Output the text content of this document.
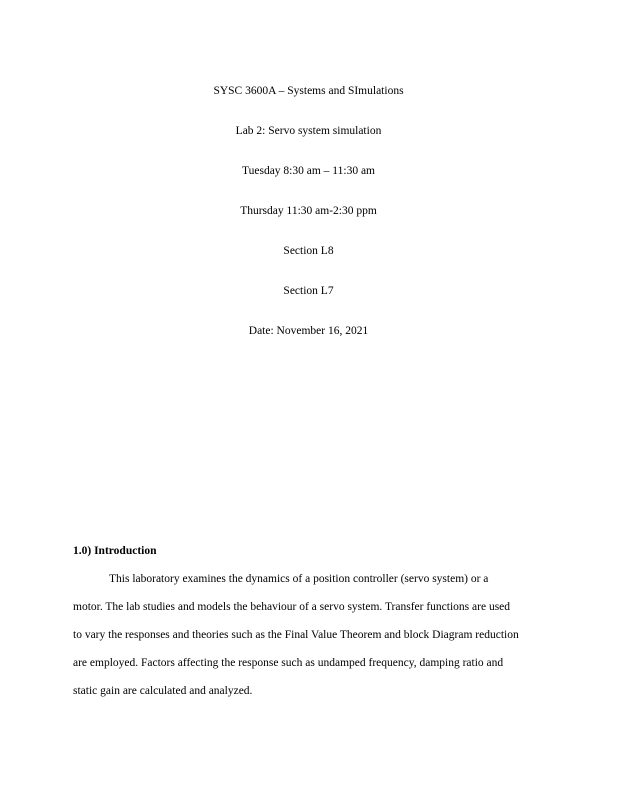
SYSC 3600A – Systems and SImulations

Lab 2: Servo system simulation

Tuesday 8:30 am – 11:30 am

Thursday 11:30 am-2:30 ppm

Section L8

Section L7

Date: November 16, 2021

1.0) Introduction

This laboratory examines the dynamics of a position controller (servo system) or a

motor. The lab studies and models the behaviour of a servo system. Transfer functions are used

to vary the responses and theories such as the Final Value Theorem and block Diagram reduction

are employed. Factors affecting the response such as undamped frequency, damping ratio and

static gain are calculated and analyzed.
